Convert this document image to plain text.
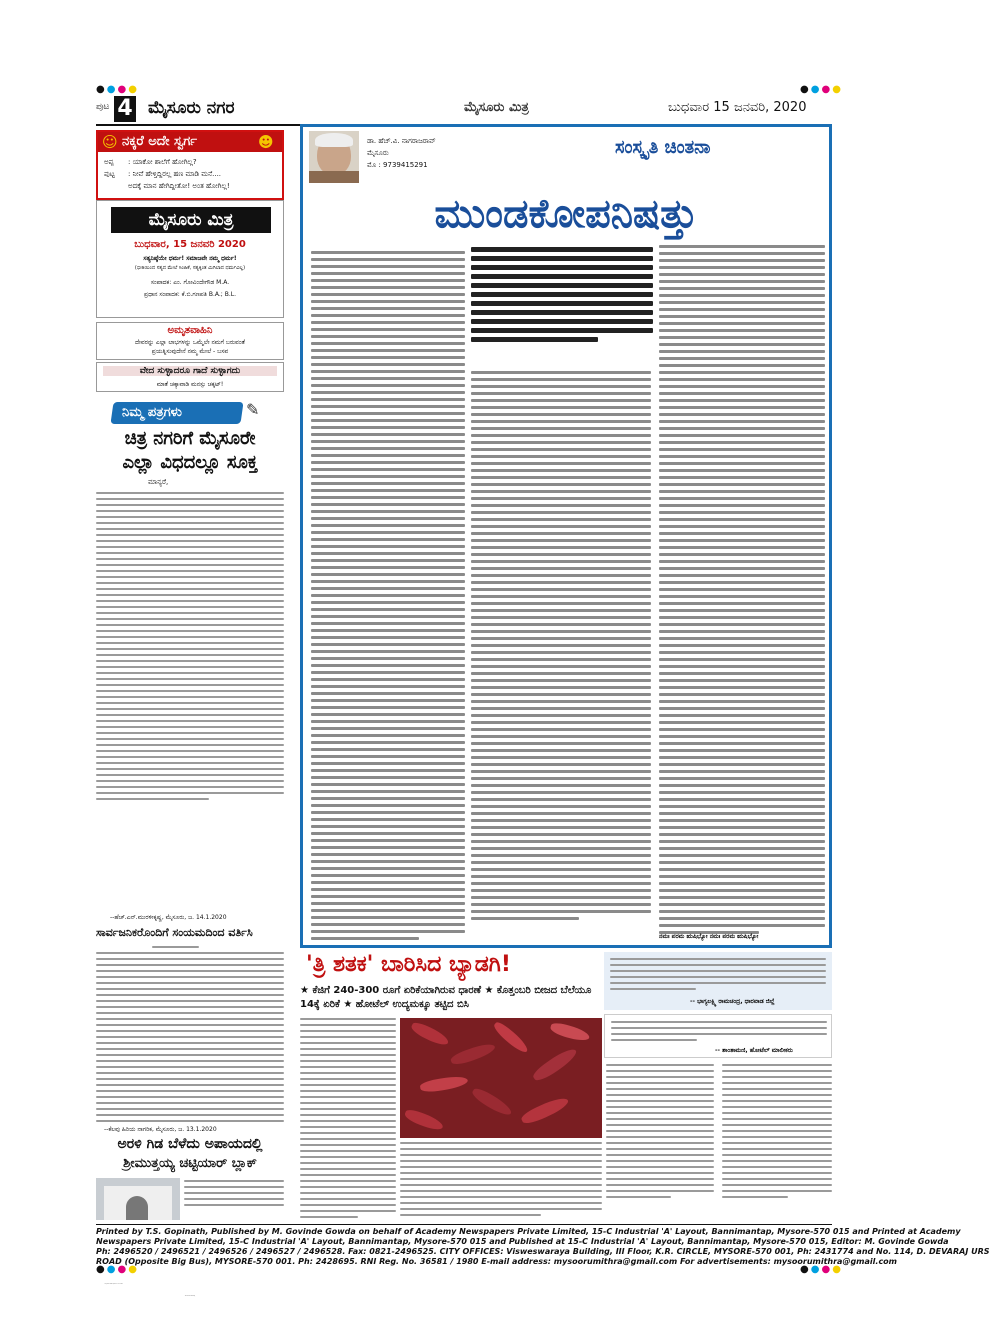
●●●●	●●●●
●●●●	●●●●
ಪುಟ 4 ಮೈಸೂರು ನಗರ	ಮೈಸೂರು ಮಿತ್ರ	ಬುಧವಾರ 15 ಜನವರಿ, 2020
☺ ನಕ್ಕರೆ ಅದೇ ಸ್ವರ್ಗ	☻
ಅಪ್ಪ : ಯಾಕೋ ಶಾಲೆಗೆ ಹೋಗಿಲ್ಲ?
ಪುಟ್ಟ : ನೀವೆ ಹೇಳ್ತಿದ್ದಿರಲ್ಲ ಹಣ ಮಾಡಿ ಮನೆ....
ಅದಕ್ಕೆ ಮಾನ ಹೇಗಿದ್ದೀತೋ! ಅಂತ ಹೋಗಿಲ್ಲ!
ಮೈಸೂರು ಮಿತ್ರ
ಬುಧವಾರ, 15 ಜನವರಿ 2020
ಸತ್ಯನಿಷ್ಠೆಯೇ ಧರ್ಮ! ಸಮಾಜವೇ ನಮ್ಮ ಧರ್ಮ!
(ಭೀತಿಯಿಂದ ಸತ್ಯದ ಮೇಲೆ ಸಿಂಹಿಕೆ, ಸತ್ಯಕ್ಕಿಂತ ಮಿಗಿಲಾದ ಧರ್ಮವಿಲ್ಲ)
ಸಂಪಾದಕ: ಎಂ. ಗೋವಿಂದೇಗೌಡ M.A.
ಪ್ರಧಾನ ಸಂಪಾದಕ: ಕೆ.ಬಿ.ಗಣಪತಿ B.A.; B.L.
ಅಮೃತವಾಹಿನಿ
ದೇವರನ್ನು ಎಲ್ಲಾ ಲಾಭಗಳನ್ನು ಒಮ್ಮೆಲೇ ನಮಗೆ ಬರುವಂತೆ
ಪ್ರಯತ್ನಿಸುವುದೇನೆ ನಮ್ಮ ಮೇಲೆ - ಬಸವ
ವೇದ ಸುಳ್ಳಾದರೂ ಗಾದೆ ಸುಳ್ಳಾಗದು
ಮಾತೆ ಚಕ್ಕಾವಾಡಿ ಮನಸ್ಸು ಚಕ್ಕಟ್!
ನಿಮ್ಮ ಪತ್ರಗಳು	✎
ಚಿತ್ರ ನಗರಿಗೆ ಮೈಸೂರೇ
ಎಲ್ಲಾ ವಿಧದಲ್ಲೂ ಸೂಕ್ತ
ಮಾನ್ಯರೆ,
--ಹೆಚ್.ಎನ್.ಮುರಳೀಕೃಷ್ಣ, ಮೈಸೂರು, ಜ. 14.1.2020
ಸಾರ್ವಜನಿಕರೊಂದಿಗೆ ಸಂಯಮದಿಂದ ವರ್ತಿಸಿ
--ಕೆಲವು ಹಿರಿಯ ನಾಗರಿಕ, ಮೈಸೂರು, ಜ. 13.1.2020
ಅರಳಿ ಗಿಡ ಬೆಳೆದು ಅಪಾಯದಲ್ಲಿ
ಡಾ. ಹೆಚ್.ವಿ. ನಾಗರಾಜರಾವ್
ಮೈಸೂರು
ಮೊ : 9739415291
ಸಂಸ್ಕೃತಿ ಚಿಂತನಾ
ಮುಂಡಕೋಪನಿಷತ್ತು
ನಮಃ ಪರಮ ಋಷಿಭ್ಯೋ ನಮಃ ಪರಮ ಋಷಿಭ್ಯೋ
'ತ್ರಿ ಶತಕ' ಬಾರಿಸಿದ ಬ್ಯಾಡಗಿ!
★ ಕೆಜಿಗೆ 240-300 ರೂಗೆ ಏರಿಕೆಯಾಗಿರುವ ಧಾರಣೆ ★ ಕೊತ್ತಂಬರಿ ಬೀಜದ ಬೆಲೆಯೂ 14ಕ್ಕೆ ಏರಿಕೆ ★ ಹೋಟೆಲ್ ಉದ್ಯಮಕ್ಕೂ ತಟ್ಟಿದ ಬಿಸಿ	-- ಭಾಗ್ಯಲಕ್ಷ್ಮಿ ರಾಮಚಂದ್ರ, ಧಾರವಾಡ ಜಿಲ್ಲೆ
-- ಶಾಂತಾಮಣಿ, ಹೋಟೆಲ್ ಮಾಲೀಕರು
Printed by T.S. Gopinath, Published by M. Govinde Gowda on behalf of Academy Newspapers Private Limited, 15-C Industrial 'A' Layout, Bannimantap, Mysore-570 015 and Printed at Academy
Newspapers Private Limited, 15-C Industrial 'A' Layout, Bannimantap, Mysore-570 015 and Published at 15-C Industrial 'A' Layout, Bannimantap, Mysore-570 015, Editor: M. Govinde Gowda
Ph: 2496520 / 2496521 / 2496526 / 2496527 / 2496528. Fax: 0821-2496525. CITY OFFICES: Visweswaraya Building, III Floor, K.R. CIRCLE, MYSORE-570 001, Ph: 2431774 and No. 114, D. DEVARAJ URS
ROAD (Opposite Big Bus), MYSORE-570 001. Ph: 2428695. RNI Reg. No. 36581 / 1980 E-mail address: mysoorumithra@gmail.com For advertisements: mysoorumithra@gmail.com
--ಕೆಲವು ಹಿರಿಯ ನಾಗರಿಕ, ಮೈಸೂರು, ಜ. 13.1.2020
ಅರಳಿ ಗಿಡ ಬೆಳೆದು ಅಪಾಯದಲ್ಲಿ
ಶ್ರೀಮುತ್ತಯ್ಯ ಚಟ್ಟಿಯಾರ್ ಬ್ಲಾಕ್
